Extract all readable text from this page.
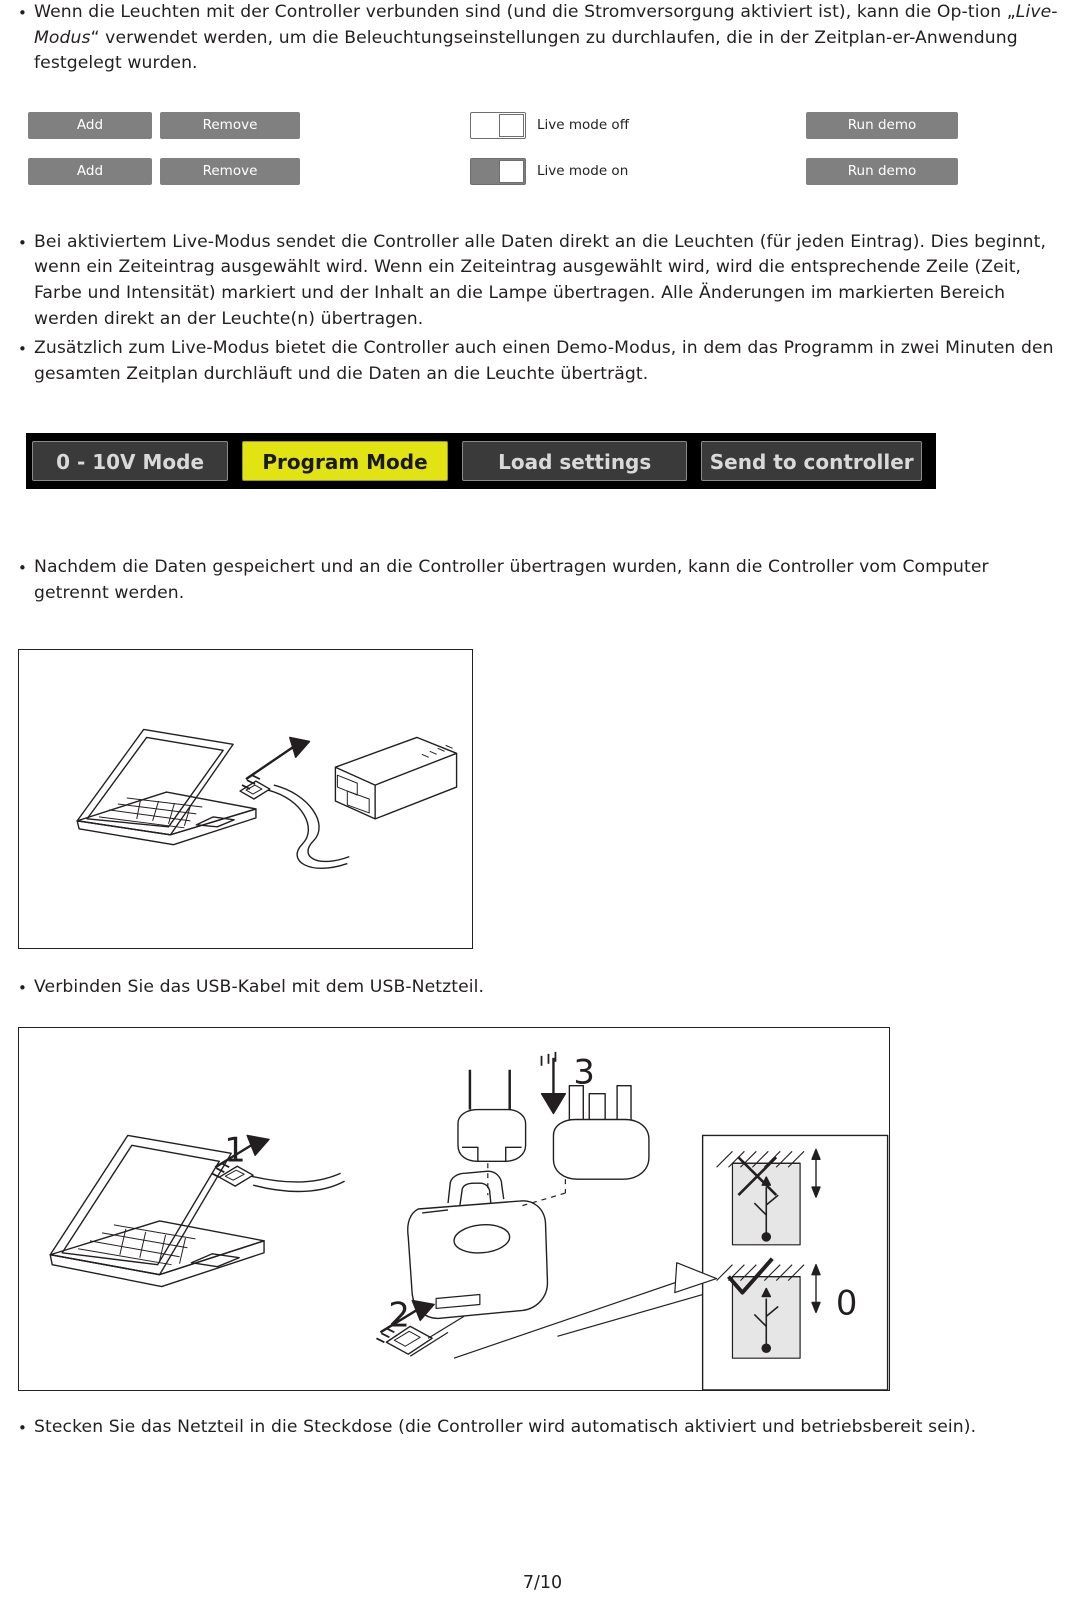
• Wenn die Leuchten mit der Controller verbunden sind (und die Stromversorgung aktiviert ist), kann die Op-tion „Live-Modus“ verwendet werden, um die Beleuchtungseinstellungen zu durchlaufen, die in der Zeitplan-er-Anwendung festgelegt wurden.
Add	Remove	Live mode off	Run demo
Add	Remove	Live mode on	Run demo
• Bei aktiviertem Live-Modus sendet die Controller alle Daten direkt an die Leuchten (für jeden Eintrag). Dies beginnt, wenn ein Zeiteintrag ausgewählt wird. Wenn ein Zeiteintrag ausgewählt wird, wird die entsprechende Zeile (Zeit, Farbe und Intensität) markiert und der Inhalt an die Lampe übertragen. Alle Änderungen im markierten Bereich werden direkt an der Leuchte(n) übertragen.
• Zusätzlich zum Live-Modus bietet die Controller auch einen Demo-Modus, in dem das Programm in zwei Minuten den gesamten Zeitplan durchläuft und die Daten an die Leuchte überträgt.
0 - 10V Mode	Program Mode	Load settings	Send to controller
• Nachdem die Daten gespeichert und an die Controller übertragen wurden, kann die Controller vom Computer getrennt werden.
• Verbinden Sie das USB-Kabel mit dem USB-Netzteil.
1
2
3
0
• Stecken Sie das Netzteil in die Steckdose (die Controller wird automatisch aktiviert und betriebsbereit sein).
7/10
